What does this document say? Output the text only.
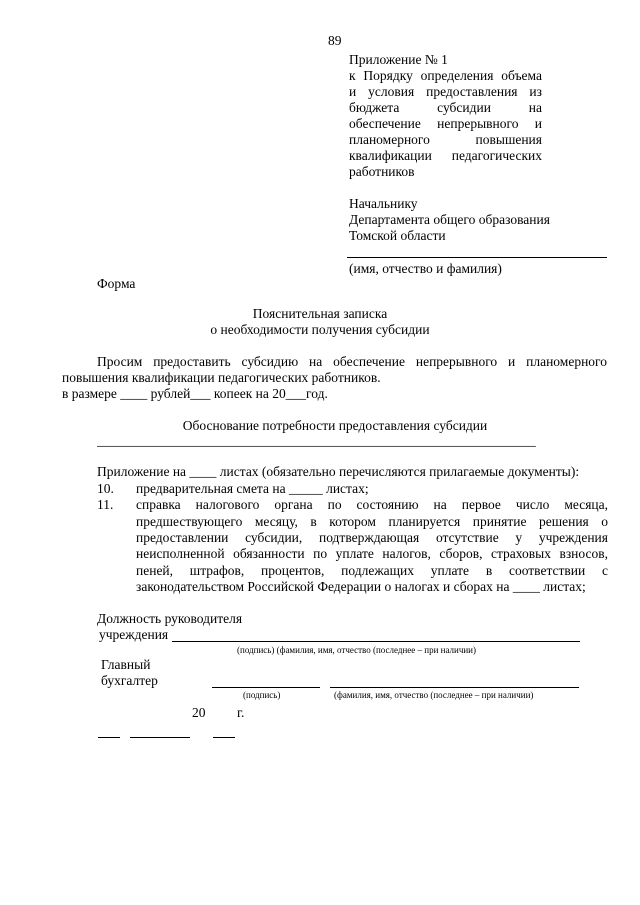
89
Приложение № 1
к Порядку определения объема
и условия предоставления из
бюджета субсидии на
обеспечение непрерывного и
планомерного повышения
квалификации педагогических
работников
Начальнику
Департамента общего образования
Томской области
(имя, отчество и фамилия)
Форма
Пояснительная записка
о необходимости получения субсидии
Просим предоставить субсидию на обеспечение непрерывного и планомерного
повышения квалификации педагогических работников.
в размере ____ рублей___ копеек на 20___год.
Обоснование потребности предоставления субсидии
_________________________________________________________________
Приложение на ____ листах (обязательно перечисляются прилагаемые документы):
10. предварительная смета на _____ листах;
11. справка налогового органа по состоянию на первое число месяца,
предшествующего месяцу, в котором планируется принятие решения о
предоставлении субсидии, подтверждающая отсутствие у учреждения
неисполненной обязанности по уплате налогов, сборов, страховых взносов,
пеней, штрафов, процентов, подлежащих уплате в соответствии с
законодательством Российской Федерации о налогах и сборах на ____ листах;
Должность руководителя
учреждения
(подпись) (фамилия, имя, отчество (последнее – при наличии)
Главный
бухгалтер
(подпись)	(фамилия, имя, отчество (последнее – при наличии)
20 г.
